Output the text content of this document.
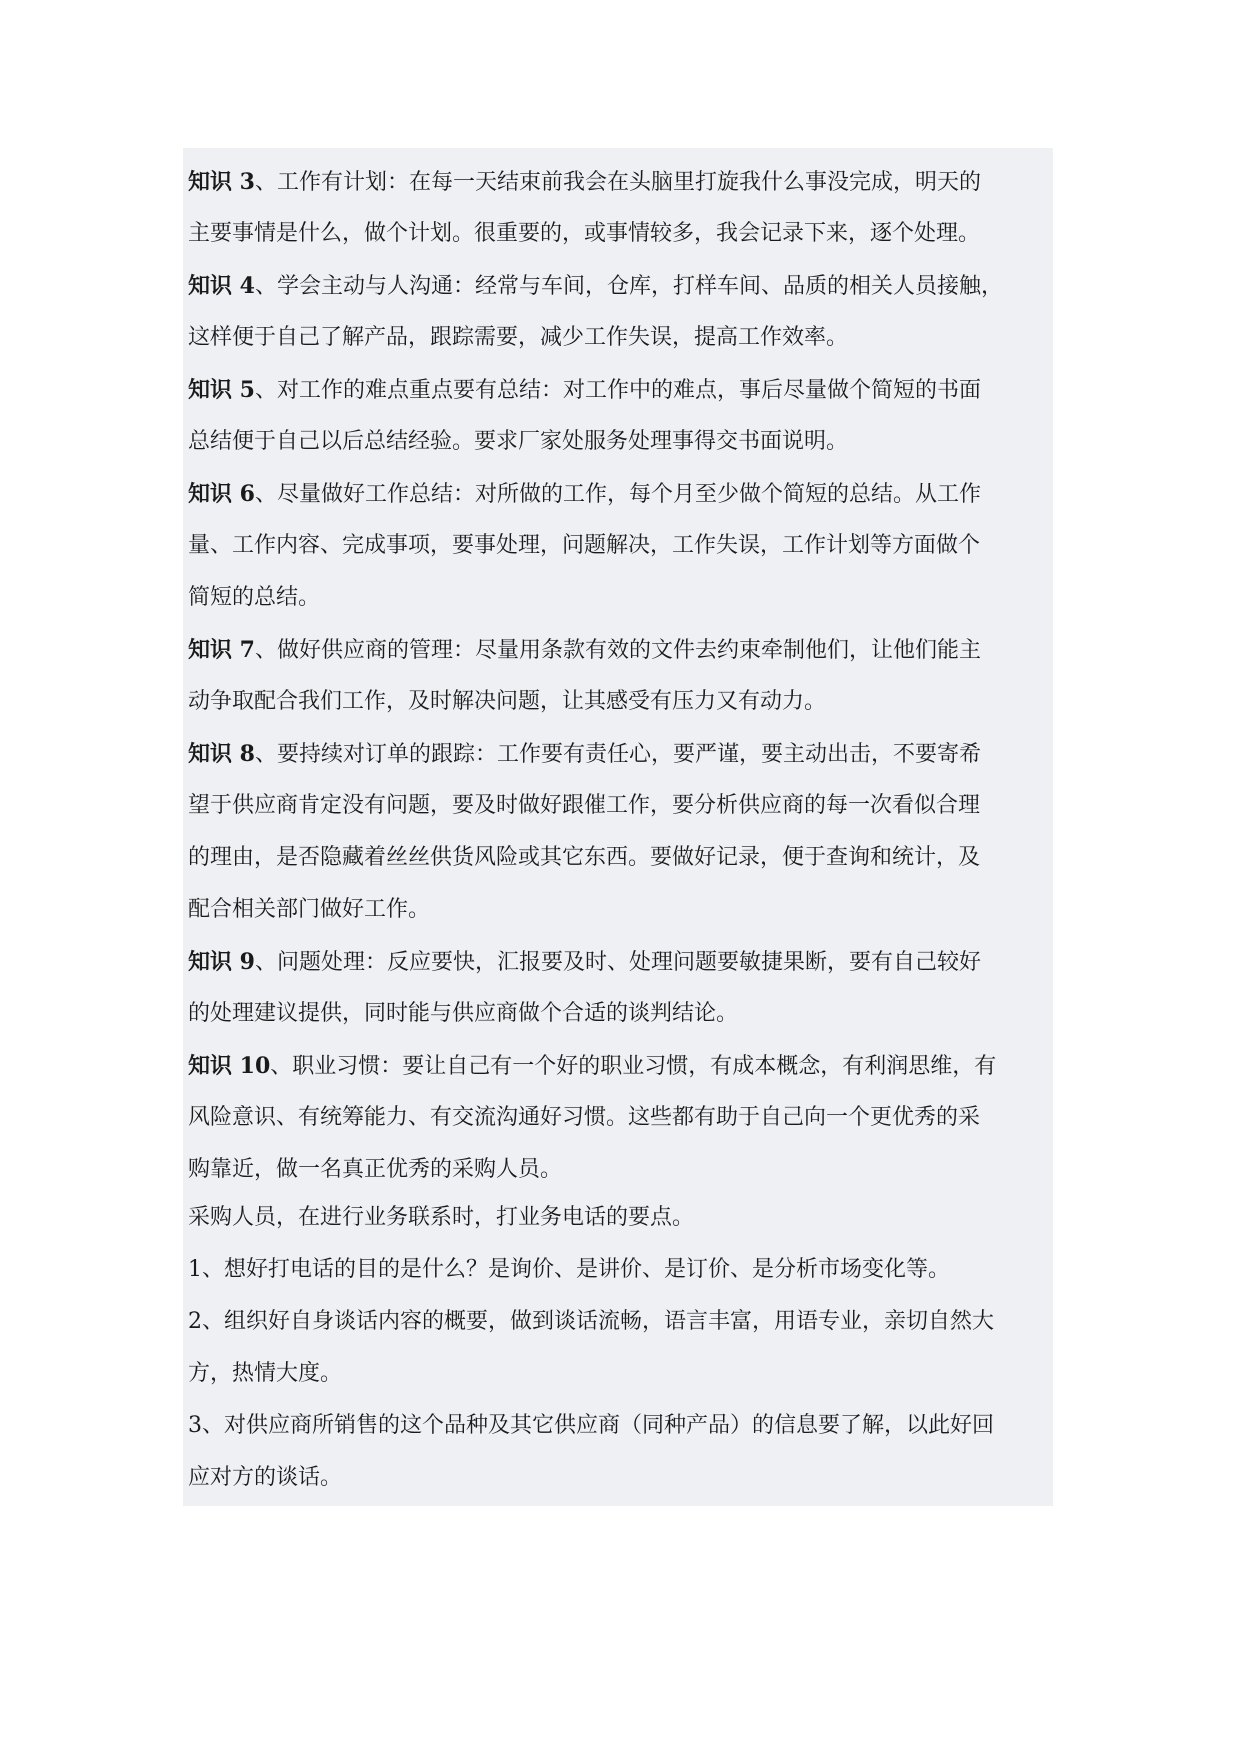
知识 3、工作有计划：在每一天结束前我会在头脑里打旋我什么事没完成，明天的
主要事情是什么，做个计划。很重要的，或事情较多，我会记录下来，逐个处理。
知识 4、学会主动与人沟通：经常与车间，仓库，打样车间、品质的相关人员接触，
这样便于自己了解产品，跟踪需要，减少工作失误，提高工作效率。
知识 5、对工作的难点重点要有总结：对工作中的难点，事后尽量做个简短的书面
总结便于自己以后总结经验。要求厂家处服务处理事得交书面说明。
知识 6、尽量做好工作总结：对所做的工作，每个月至少做个简短的总结。从工作
量、工作内容、完成事项，要事处理，问题解决，工作失误，工作计划等方面做个
简短的总结。
知识 7、做好供应商的管理：尽量用条款有效的文件去约束牵制他们，让他们能主
动争取配合我们工作，及时解决问题，让其感受有压力又有动力。
知识 8、要持续对订单的跟踪：工作要有责任心，要严谨，要主动出击，不要寄希
望于供应商肯定没有问题，要及时做好跟催工作，要分析供应商的每一次看似合理
的理由，是否隐藏着丝丝供货风险或其它东西。要做好记录，便于查询和统计，及
配合相关部门做好工作。
知识 9、问题处理：反应要快，汇报要及时、处理问题要敏捷果断，要有自己较好
的处理建议提供，同时能与供应商做个合适的谈判结论。
知识 10、职业习惯：要让自己有一个好的职业习惯，有成本概念，有利润思维，有
风险意识、有统筹能力、有交流沟通好习惯。这些都有助于自己向一个更优秀的采
购靠近，做一名真正优秀的采购人员。
采购人员，在进行业务联系时，打业务电话的要点。
1、想好打电话的目的是什么？是询价、是讲价、是订价、是分析市场变化等。
2、组织好自身谈话内容的概要，做到谈话流畅，语言丰富，用语专业，亲切自然大
方，热情大度。
3、对供应商所销售的这个品种及其它供应商（同种产品）的信息要了解，以此好回
应对方的谈话。
